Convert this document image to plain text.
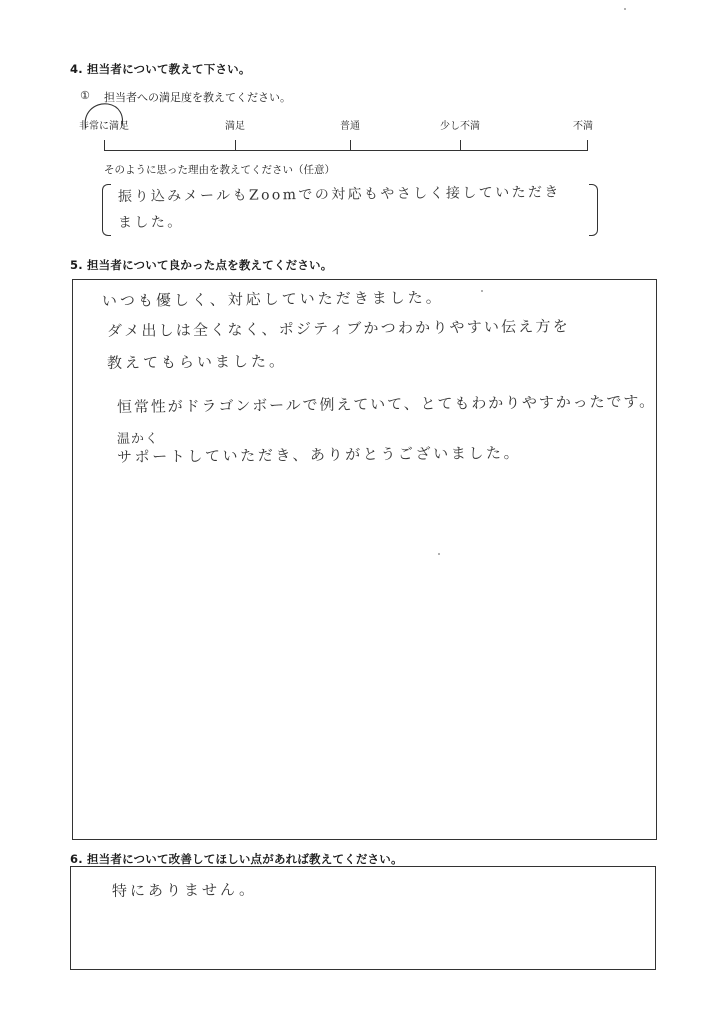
4. 担当者について教えて下さい。
① 担当者への満足度を教えてください。
非常に満足	満足	普通	少し不満	不満
そのように思った理由を教えてください（任意）
振り込みメールもZoomでの対応もやさしく接していただき
ました。
5. 担当者について良かった点を教えてください。
いつも優しく、対応していただきました。
ダメ出しは全くなく、ポジティブかつわかりやすい伝え方を
教えてもらいました。
恒常性がドラゴンボールで例えていて、とてもわかりやすかったです。
温かく
サポートしていただき、ありがとうございました。
6. 担当者について改善してほしい点があれば教えてください。
特にありません。
